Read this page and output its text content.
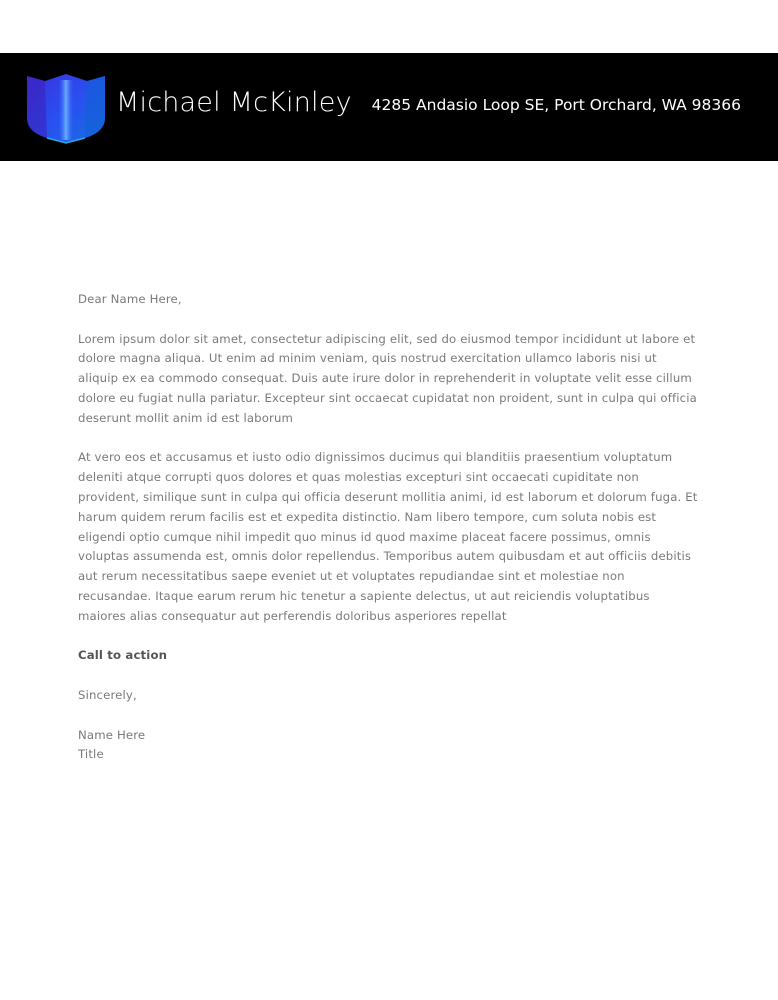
Michael McKinley 4285 Andasio Loop SE, Port Orchard, WA 98366

Dear Name Here,

Lorem ipsum dolor sit amet, consectetur adipiscing elit, sed do eiusmod tempor incididunt ut labore et dolore magna aliqua. Ut enim ad minim veniam, quis nostrud exercitation ullamco laboris nisi ut aliquip ex ea commodo consequat. Duis aute irure dolor in reprehenderit in voluptate velit esse cillum dolore eu fugiat nulla pariatur. Excepteur sint occaecat cupidatat non proident, sunt in culpa qui officia deserunt mollit anim id est laborum

At vero eos et accusamus et iusto odio dignissimos ducimus qui blanditiis praesentium voluptatum deleniti atque corrupti quos dolores et quas molestias excepturi sint occaecati cupiditate non provident, similique sunt in culpa qui officia deserunt mollitia animi, id est laborum et dolorum fuga. Et harum quidem rerum facilis est et expedita distinctio. Nam libero tempore, cum soluta nobis est eligendi optio cumque nihil impedit quo minus id quod maxime placeat facere possimus, omnis voluptas assumenda est, omnis dolor repellendus. Temporibus autem quibusdam et aut officiis debitis aut rerum necessitatibus saepe eveniet ut et voluptates repudiandae sint et molestiae non recusandae. Itaque earum rerum hic tenetur a sapiente delectus, ut aut reiciendis voluptatibus maiores alias consequatur aut perferendis doloribus asperiores repellat

Call to action

Sincerely,

Name Here

Title
